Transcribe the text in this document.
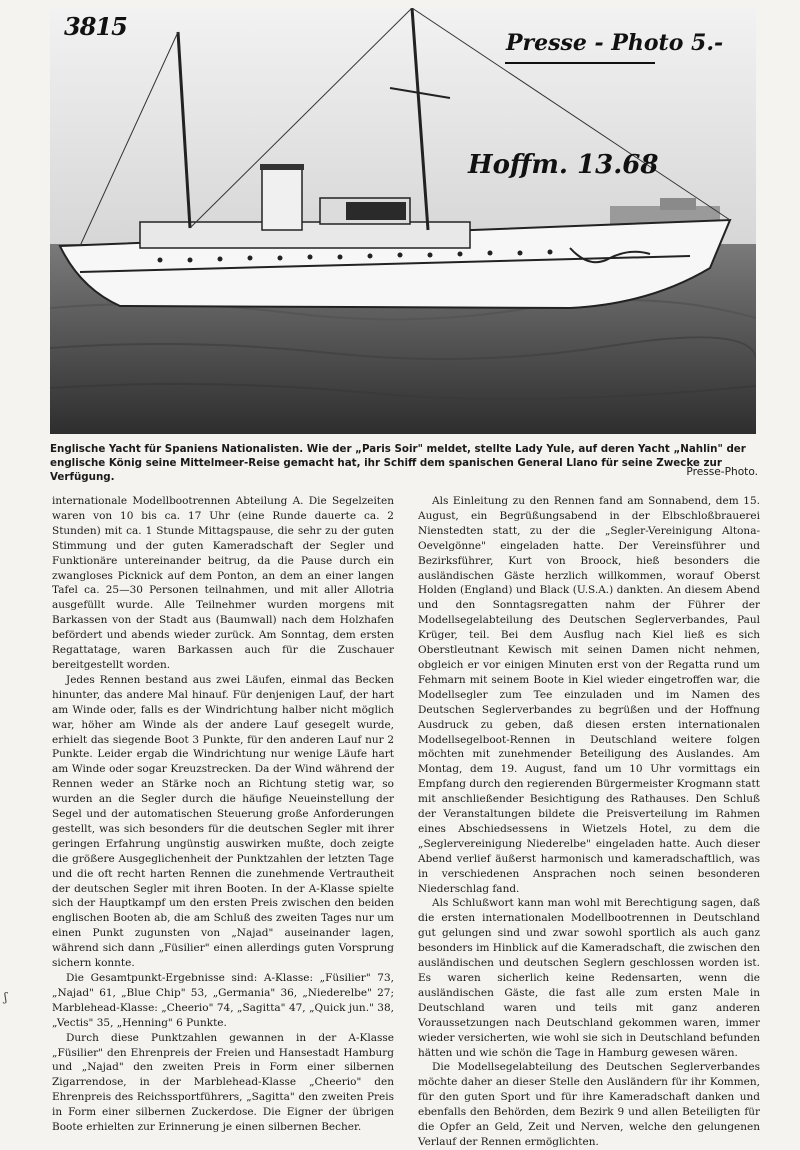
3815
Presse - Photo 5.-
Hoffm. 13.68
Englische Yacht für Spaniens Nationalisten. Wie der „Paris Soir" meldet, stellte Lady Yule, auf deren Yacht „Nahlin" der englische König seine Mittelmeer-Reise gemacht hat, ihr Schiff dem spanischen General Llano für seine Zwecke zur Verfügung.	Presse-Photo.

internationale Modellbootrennen Abteilung A. Die Segelzeiten waren von 10 bis ca. 17 Uhr (eine Runde dauerte ca. 2 Stunden) mit ca. 1 Stunde Mittagspause, die sehr zu der guten Stimmung und der guten Kameradschaft der Segler und Funktionäre untereinander beitrug, da die Pause durch ein zwangloses Picknick auf dem Ponton, an dem an einer langen Tafel ca. 25—30 Personen teilnahmen, und mit aller Allotria ausgefüllt wurde. Alle Teilnehmer wurden morgens mit Barkassen von der Stadt aus (Baumwall) nach dem Holzhafen befördert und abends wieder zurück. Am Sonntag, dem ersten Regattatage, waren Barkassen auch für die Zuschauer bereitgestellt worden.

Jedes Rennen bestand aus zwei Läufen, einmal das Becken hinunter, das andere Mal hinauf. Für denjenigen Lauf, der hart am Winde oder, falls es der Windrichtung halber nicht möglich war, höher am Winde als der andere Lauf gesegelt wurde, erhielt das siegende Boot 3 Punkte, für den anderen Lauf nur 2 Punkte. Leider ergab die Windrichtung nur wenige Läufe hart am Winde oder sogar Kreuzstrecken. Da der Wind während der Rennen weder an Stärke noch an Richtung stetig war, so wurden an die Segler durch die häufige Neueinstellung der Segel und der automatischen Steuerung große Anforderungen gestellt, was sich besonders für die deutschen Segler mit ihrer geringen Erfahrung ungünstig auswirken mußte, doch zeigte die größere Ausgeglichenheit der Punktzahlen der letzten Tage und die oft recht harten Rennen die zunehmende Vertrautheit der deutschen Segler mit ihren Booten. In der A-Klasse spielte sich der Hauptkampf um den ersten Preis zwischen den beiden englischen Booten ab, die am Schluß des zweiten Tages nur um einen Punkt zugunsten von „Najad" auseinander lagen, während sich dann „Füsilier" einen allerdings guten Vorsprung sichern konnte.

Die Gesamtpunkt-Ergebnisse sind: A-Klasse: „Füsilier" 73, „Najad" 61, „Blue Chip" 53, „Germania" 36, „Niederelbe" 27; Marblehead-Klasse: „Cheerio" 74, „Sagitta" 47, „Quick jun." 38, „Vectis" 35, „Henning" 6 Punkte.

Durch diese Punktzahlen gewannen in der A-Klasse „Füsilier" den Ehrenpreis der Freien und Hansestadt Hamburg und „Najad" den zweiten Preis in Form einer silbernen Zigarrendose, in der Marblehead-Klasse „Cheerio" den Ehrenpreis des Reichssportführers, „Sagitta" den zweiten Preis in Form einer silbernen Zuckerdose. Die Eigner der übrigen Boote erhielten zur Erinnerung je einen silbernen Becher.

Als Einleitung zu den Rennen fand am Sonnabend, dem 15. August, ein Begrüßungsabend in der Elbschloßbrauerei Nienstedten statt, zu der die „Segler-Vereinigung Altona-Oevelgönne" eingeladen hatte. Der Vereinsführer und Bezirksführer, Kurt von Broock, hieß besonders die ausländischen Gäste herzlich willkommen, worauf Oberst Holden (England) und Black (U.S.A.) dankten. An diesem Abend und den Sonntagsregatten nahm der Führer der Modellsegelabteilung des Deutschen Seglerverbandes, Paul Krüger, teil. Bei dem Ausflug nach Kiel ließ es sich Oberstleutnant Kewisch mit seinen Damen nicht nehmen, obgleich er vor einigen Minuten erst von der Regatta rund um Fehmarn mit seinem Boote in Kiel wieder eingetroffen war, die Modellsegler zum Tee einzuladen und im Namen des Deutschen Seglerverbandes zu begrüßen und der Hoffnung Ausdruck zu geben, daß diesen ersten internationalen Modellsegelboot-Rennen in Deutschland weitere folgen möchten mit zunehmender Beteiligung des Auslandes. Am Montag, dem 19. August, fand um 10 Uhr vormittags ein Empfang durch den regierenden Bürgermeister Krogmann statt mit anschließender Besichtigung des Rathauses. Den Schluß der Veranstaltungen bildete die Preisverteilung im Rahmen eines Abschiedsessens in Wietzels Hotel, zu dem die „Seglervereinigung Niederelbe" eingeladen hatte. Auch dieser Abend verlief äußerst harmonisch und kameradschaftlich, was in verschiedenen Ansprachen noch seinen besonderen Niederschlag fand.

Als Schlußwort kann man wohl mit Berechtigung sagen, daß die ersten internationalen Modellbootrennen in Deutschland gut gelungen sind und zwar sowohl sportlich als auch ganz besonders im Hinblick auf die Kameradschaft, die zwischen den ausländischen und deutschen Seglern geschlossen worden ist. Es waren sicherlich keine Redensarten, wenn die ausländischen Gäste, die fast alle zum ersten Male in Deutschland waren und teils mit ganz anderen Voraussetzungen nach Deutschland gekommen waren, immer wieder versicherten, wie wohl sie sich in Deutschland befunden hätten und wie schön die Tage in Hamburg gewesen wären.

Die Modellsegelabteilung des Deutschen Seglerverbandes möchte daher an dieser Stelle den Ausländern für ihr Kommen, für den guten Sport und für ihre Kameradschaft danken und ebenfalls den Behörden, dem Bezirk 9 und allen Beteiligten für die Opfer an Geld, Zeit und Nerven, welche den gelungenen Verlauf der Rennen ermöglichten.

ʃ
